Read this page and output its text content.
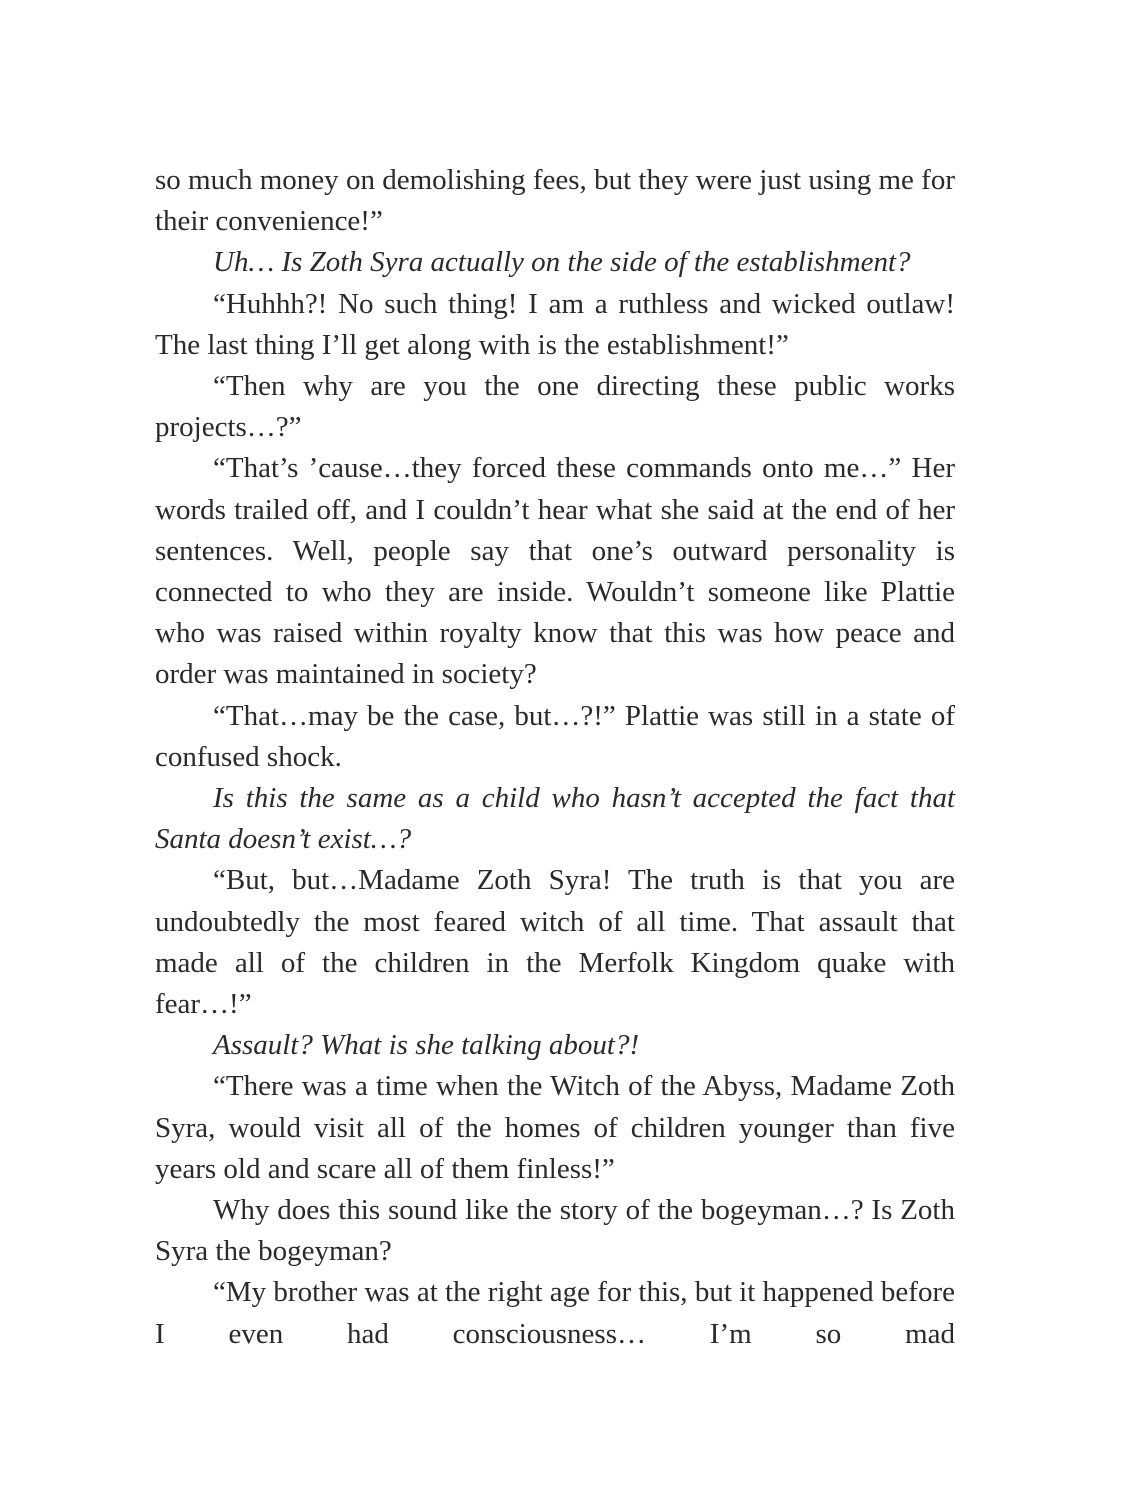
so much money on demolishing fees, but they were just using me for their convenience!”

Uh… Is Zoth Syra actually on the side of the establishment?

“Huhhh?! No such thing! I am a ruthless and wicked outlaw! The last thing I’ll get along with is the establishment!”

“Then why are you the one directing these public works projects…?”

“That’s ’cause…they forced these commands onto me…” Her words trailed off, and I couldn’t hear what she said at the end of her sentences. Well, people say that one’s outward personality is connected to who they are inside. Wouldn’t someone like Plattie who was raised within royalty know that this was how peace and order was maintained in society?

“That…may be the case, but…?!” Plattie was still in a state of confused shock.

Is this the same as a child who hasn’t accepted the fact that Santa doesn’t exist…?

“But, but…Madame Zoth Syra! The truth is that you are undoubtedly the most feared witch of all time. That assault that made all of the children in the Merfolk Kingdom quake with fear…!”

Assault? What is she talking about?!

“There was a time when the Witch of the Abyss, Madame Zoth Syra, would visit all of the homes of children younger than five years old and scare all of them finless!”

Why does this sound like the story of the bogeyman…? Is Zoth Syra the bogeyman?

“My brother was at the right age for this, but it happened before I even had consciousness… I’m so mad
